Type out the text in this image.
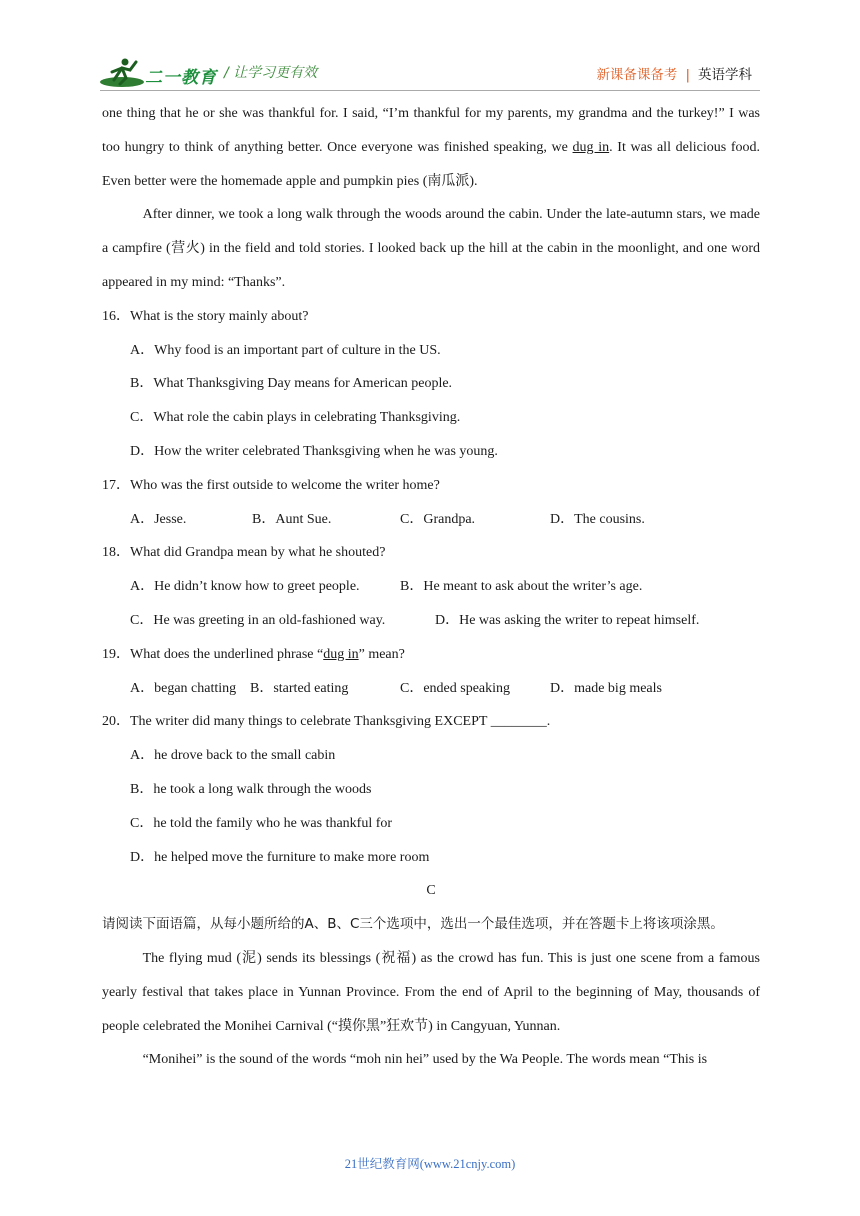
二一教育 / 让学习更有效	新课备课备考 | 英语学科
one thing that he or she was thankful for. I said, “I’m thankful for my parents, my grandma and the turkey!” I was too hungry to think of anything better. Once everyone was finished speaking, we dug in. It was all delicious food. Even better were the homemade apple and pumpkin pies (南瓜派).
After dinner, we took a long walk through the woods around the cabin. Under the late-autumn stars, we made a campfire (营火) in the field and told stories. I looked back up the hill at the cabin in the moonlight, and one word appeared in my mind: “Thanks”.
16．What is the story mainly about?
A．Why food is an important part of culture in the US.
B．What Thanksgiving Day means for American people.
C．What role the cabin plays in celebrating Thanksgiving.
D．How the writer celebrated Thanksgiving when he was young.
17．Who was the first outside to welcome the writer home?
A．Jesse.	B．Aunt Sue.	C．Grandpa.	D．The cousins.
18．What did Grandpa mean by what he shouted?
A．He didn’t know how to greet people.	B．He meant to ask about the writer’s age.
C．He was greeting in an old-fashioned way.	D．He was asking the writer to repeat himself.
19．What does the underlined phrase “dug in” mean?
A．began chatting B．started eating	C．ended speaking	D．made big meals
20．The writer did many things to celebrate Thanksgiving EXCEPT ________.
A．he drove back to the small cabin
B．he took a long walk through the woods
C．he told the family who he was thankful for
D．he helped move the furniture to make more room
C
请阅读下面语篇，从每小题所给的A、B、C三个选项中，选出一个最佳选项，并在答题卡上将该项涂黑。
The flying mud (泥) sends its blessings (祝福) as the crowd has fun. This is just one scene from a famous yearly festival that takes place in Yunnan Province. From the end of April to the beginning of May, thousands of people celebrated the Monihei Carnival (“摸你黑”狂欢节) in Cangyuan, Yunnan.
“Monihei” is the sound of the words “moh nin hei” used by the Wa People. The words mean “This is
21世纪教育网(www.21cnjy.com)
